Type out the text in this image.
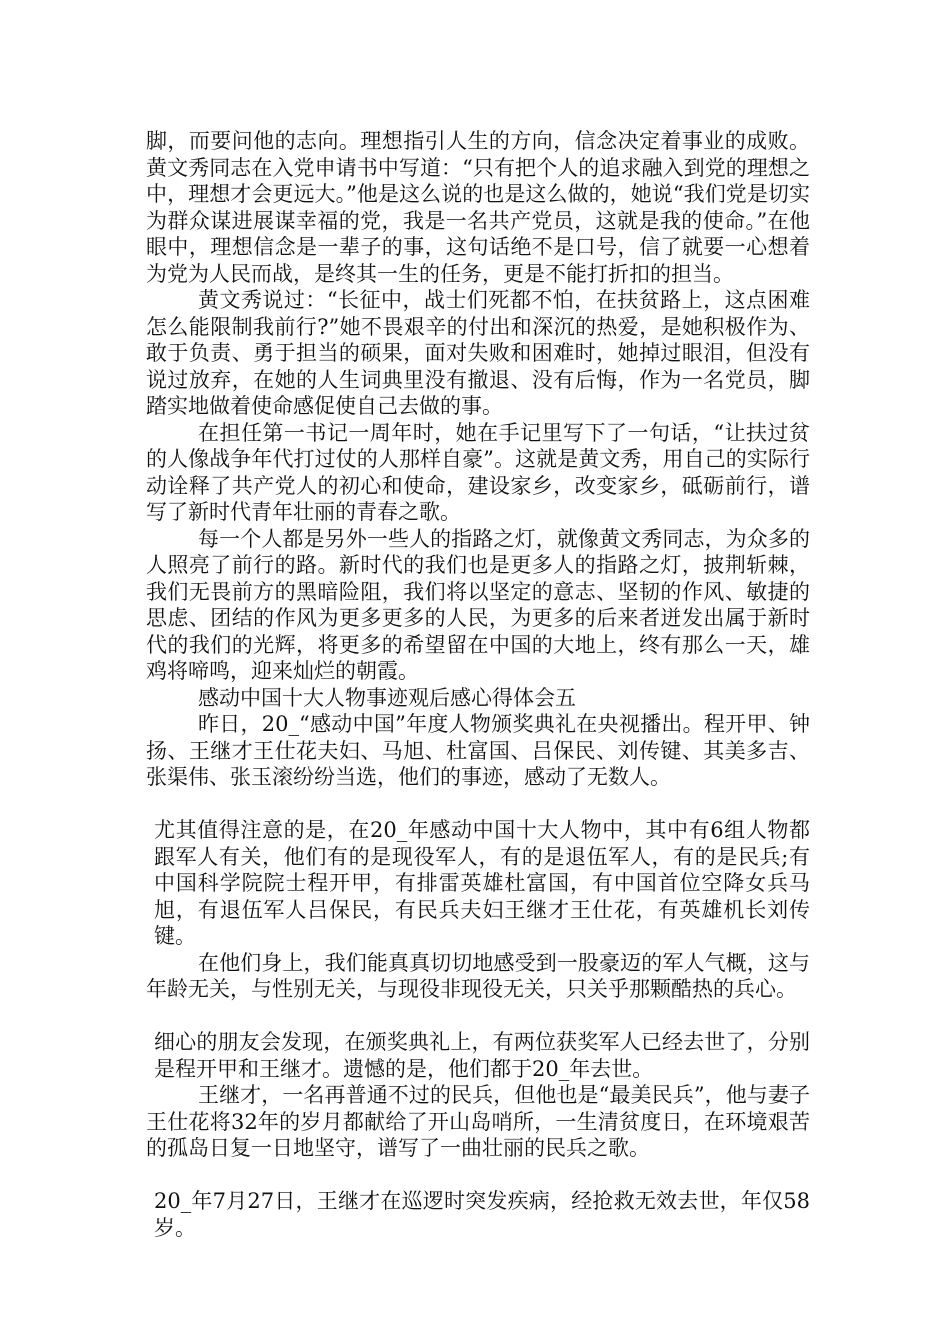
脚，而要问他的志向。理想指引人生的方向，信念决定着事业的成败。黄文秀同志在入党申请书中写道：“只有把个人的追求融入到党的理想之中，理想才会更远大。”他是这么说的也是这么做的，她说“我们党是切实为群众谋进展谋幸福的党，我是一名共产党员，这就是我的使命。”在他眼中，理想信念是一辈子的事，这句话绝不是口号，信了就要一心想着为党为人民而战，是终其一生的任务，更是不能打折扣的担当。

黄文秀说过：“长征中，战士们死都不怕，在扶贫路上，这点困难怎么能限制我前行?”她不畏艰辛的付出和深沉的热爱，是她积极作为、敢于负责、勇于担当的硕果，面对失败和困难时，她掉过眼泪，但没有说过放弃，在她的人生词典里没有撤退、没有后悔，作为一名党员，脚踏实地做着使命感促使自己去做的事。

在担任第一书记一周年时，她在手记里写下了一句话，“让扶过贫的人像战争年代打过仗的人那样自豪”。这就是黄文秀，用自己的实际行动诠释了共产党人的初心和使命，建设家乡，改变家乡，砥砺前行，谱写了新时代青年壮丽的青春之歌。

每一个人都是另外一些人的指路之灯，就像黄文秀同志，为众多的人照亮了前行的路。新时代的我们也是更多人的指路之灯，披荆斩棘，我们无畏前方的黑暗险阻，我们将以坚定的意志、坚韧的作风、敏捷的思虑、团结的作风为更多更多的人民，为更多的后来者迸发出属于新时代的我们的光辉，将更多的希望留在中国的大地上，终有那么一天，雄鸡将啼鸣，迎来灿烂的朝霞。

感动中国十大人物事迹观后感心得体会五

昨日，20_“感动中国”年度人物颁奖典礼在央视播出。程开甲、钟扬、王继才王仕花夫妇、马旭、杜富国、吕保民、刘传键、其美多吉、张渠伟、张玉滚纷纷当选，他们的事迹，感动了无数人。

尤其值得注意的是，在20_年感动中国十大人物中，其中有6组人物都跟军人有关，他们有的是现役军人，有的是退伍军人，有的是民兵;有中国科学院院士程开甲，有排雷英雄杜富国，有中国首位空降女兵马旭，有退伍军人吕保民，有民兵夫妇王继才王仕花，有英雄机长刘传键。

在他们身上，我们能真真切切地感受到一股豪迈的军人气概，这与年龄无关，与性别无关，与现役非现役无关，只关乎那颗酷热的兵心。

细心的朋友会发现，在颁奖典礼上，有两位获奖军人已经去世了，分别是程开甲和王继才。遗憾的是，他们都于20_年去世。

王继才，一名再普通不过的民兵，但他也是“最美民兵”，他与妻子王仕花将32年的岁月都献给了开山岛哨所，一生清贫度日，在环境艰苦的孤岛日复一日地坚守，谱写了一曲壮丽的民兵之歌。

20_年7月27日，王继才在巡逻时突发疾病，经抢救无效去世，年仅58岁。
